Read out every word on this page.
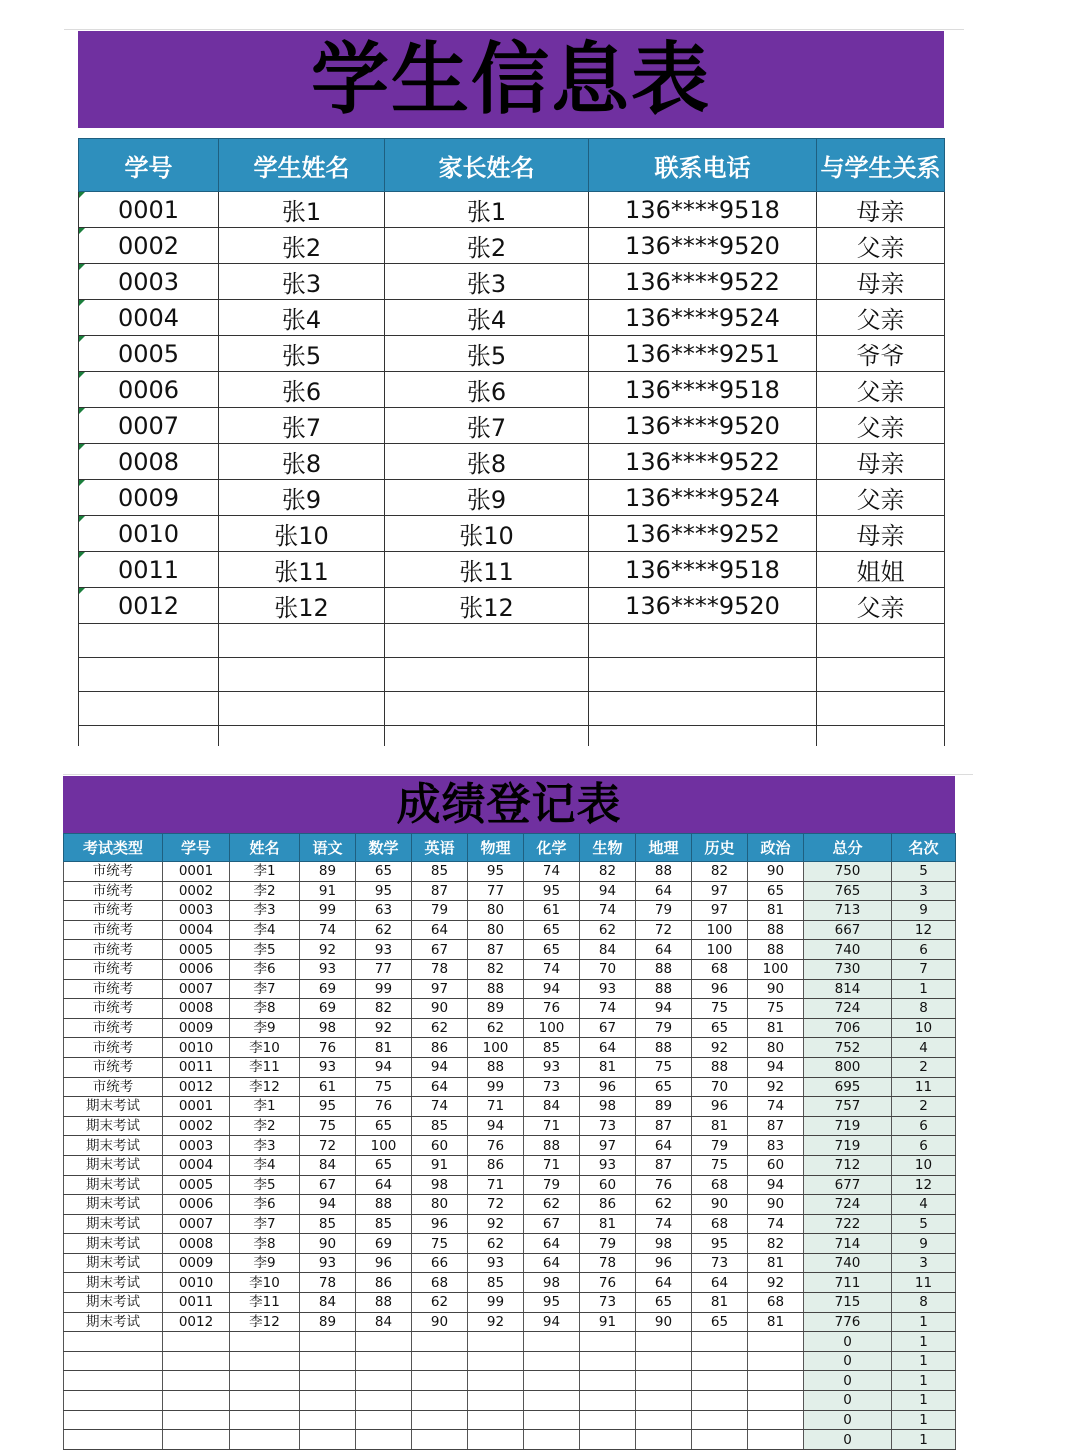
学生信息表
学号	学生姓名	家长姓名	联系电话	与学生关系
0001	张1	张1	136****9518	母亲
0002	张2	张2	136****9520	父亲
0003	张3	张3	136****9522	母亲
0004	张4	张4	136****9524	父亲
0005	张5	张5	136****9251	爷爷
0006	张6	张6	136****9518	父亲
0007	张7	张7	136****9520	父亲
0008	张8	张8	136****9522	母亲
0009	张9	张9	136****9524	父亲
0010	张10	张10	136****9252	母亲
0011	张11	张11	136****9518	姐姐
0012	张12	张12	136****9520	父亲

成绩登记表
考试类型	学号	姓名	语文	数学	英语	物理	化学	生物	地理	历史	政治	总分	名次
市统考	0001	李1	89	65	85	95	74	82	88	82	90	750	5
市统考	0002	李2	91	95	87	77	95	94	64	97	65	765	3
市统考	0003	李3	99	63	79	80	61	74	79	97	81	713	9
市统考	0004	李4	74	62	64	80	65	62	72	100	88	667	12
市统考	0005	李5	92	93	67	87	65	84	64	100	88	740	6
市统考	0006	李6	93	77	78	82	74	70	88	68	100	730	7
市统考	0007	李7	69	99	97	88	94	93	88	96	90	814	1
市统考	0008	李8	69	82	90	89	76	74	94	75	75	724	8
市统考	0009	李9	98	92	62	62	100	67	79	65	81	706	10
市统考	0010	李10	76	81	86	100	85	64	88	92	80	752	4
市统考	0011	李11	93	94	94	88	93	81	75	88	94	800	2
市统考	0012	李12	61	75	64	99	73	96	65	70	92	695	11
期末考试	0001	李1	95	76	74	71	84	98	89	96	74	757	2
期末考试	0002	李2	75	65	85	94	71	73	87	81	87	719	6
期末考试	0003	李3	72	100	60	76	88	97	64	79	83	719	6
期末考试	0004	李4	84	65	91	86	71	93	87	75	60	712	10
期末考试	0005	李5	67	64	98	71	79	60	76	68	94	677	12
期末考试	0006	李6	94	88	80	72	62	86	62	90	90	724	4
期末考试	0007	李7	85	85	96	92	67	81	74	68	74	722	5
期末考试	0008	李8	90	69	75	62	64	79	98	95	82	714	9
期末考试	0009	李9	93	96	66	93	64	78	96	73	81	740	3
期末考试	0010	李10	78	86	68	85	98	76	64	64	92	711	11
期末考试	0011	李11	84	88	62	99	95	73	65	81	68	715	8
期末考试	0012	李12	89	84	90	92	94	91	90	65	81	776	1
												0	1
												0	1
												0	1
												0	1
												0	1
												0	1
